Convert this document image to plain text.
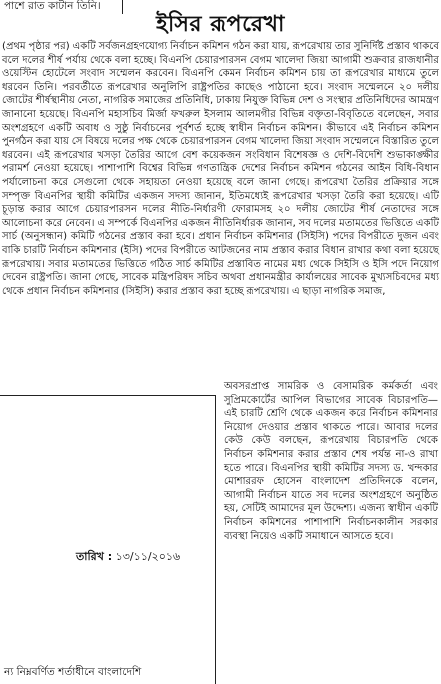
পাশে রাত কাটান তিনি।
ইসির রূপরেখা
(প্রথম পৃষ্ঠার পর) একটি সর্বজনগ্রহণযোগ্য নির্বাচন কমিশন গঠন করা যায়, রূপরেখায় তার সুনির্দিষ্ট প্রস্তাব থাকবে বলে দলের শীর্ষ পর্যায় থেকে বলা হচ্ছে। বিএনপি চেয়ারপারসন বেগম খালেদা জিয়া আগামী শুক্রবার রাজধানীর ওয়েস্টিন হোটেলে সংবাদ সম্মেলন করবেন। বিএনপি কেমন নির্বাচন কমিশন চায় তা রূপরেখার মাধ্যমে তুলে ধরবেন তিনি। পরবর্তীতে রূপরেখার অনুলিপি রাষ্ট্রপতির কাছেও পাঠানো হবে। সংবাদ সম্মেলনে ২০ দলীয় জোটের শীর্ষস্থানীয় নেতা, নাগরিক সমাজের প্রতিনিধি, ঢাকায় নিযুক্ত বিভিন্ন দেশ ও সংস্থার প্রতিনিধিদের আমন্ত্রণ জানানো হয়েছে। বিএনপি মহাসচিব মির্জা ফখরুল ইসলাম আলমগীর বিভিন্ন বক্তৃতা-বিবৃতিতে বলেছেন, সবার অংশগ্রহণে একটি অবাধ ও সুষ্ঠু নির্বাচনের পূর্বশর্ত হচ্ছে স্বাধীন নির্বাচন কমিশন। কীভাবে এই নির্বাচন কমিশন পুনর্গঠন করা যায় সে বিষয়ে দলের পক্ষ থেকে চেয়ারপারসন বেগম খালেদা জিয়া সংবাদ সম্মেলনে বিস্তারিত তুলে ধরবেন। এই রূপরেখার খসড়া তৈরির আগে বেশ কয়েকজন সংবিধান বিশেষজ্ঞ ও দেশি-বিদেশি শুভাকাঙ্ক্ষীর পরামর্শ নেওয়া হয়েছে। পাশাপাশি বিশ্বের বিভিন্ন গণতান্ত্রিক দেশের নির্বাচন কমিশন গঠনের আইন বিধি-বিধান পর্যালোচনা করে সেগুলো থেকে সহায়তা নেওয়া হয়েছে বলে জানা গেছে। রূপরেখা তৈরির প্রক্রিয়ার সঙ্গে সম্পৃক্ত বিএনপির স্থায়ী কমিটির একজন সদস্য জানান, ইতিমধ্যেই রূপরেখার খসড়া তৈরি করা হয়েছে। এটি চূড়ান্ত করার আগে চেয়ারপারসন দলের নীতি-নির্ধারণী ফোরামসহ ২০ দলীয় জোটের শীর্ষ নেতাদের সঙ্গে আলোচনা করে নেবেন। এ সম্পর্কে বিএনপির একজন নীতিনির্ধারক জানান, সব দলের মতামতের ভিত্তিতে একটি সার্চ (অনুসন্ধান) কমিটি গঠনের প্রস্তাব করা হবে। প্রধান নির্বাচন কমিশনার (সিইসি) পদের বিপরীতে দুজন এবং বাকি চারটি নির্বাচন কমিশনার (ইসি) পদের বিপরীতে আটজনের নাম প্রস্তাব করার বিধান রাখার কথা বলা হয়েছে রূপরেখায়। সবার মতামতের ভিত্তিতে গঠিত সার্চ কমিটির প্রস্তাবিত নামের মধ্য থেকে সিইসি ও ইসি পদে নিয়োগ দেবেন রাষ্ট্রপতি। জানা গেছে, সাবেক মন্ত্রিপরিষদ সচিব অথবা প্রধানমন্ত্রীর কার্যালয়ের সাবেক মুখ্যসচিবদের মধ্য থেকে প্রধান নির্বাচন কমিশনার (সিইসি) করার প্রস্তাব করা হচ্ছে রূপরেখায়। এ ছাড়া নাগরিক সমাজ,
অবসরপ্রাপ্ত সামরিক ও বেসামরিক কর্মকর্তা এবং সুপ্রিমকোর্টের আপিল বিভাগের সাবেক বিচারপতি— এই চারটি শ্রেণি থেকে একজন করে নির্বাচন কমিশনার নিয়োগ দেওয়ার প্রস্তাব থাকতে পারে। আবার দলের কেউ কেউ বলছেন, রূপরেখায় বিচারপতি থেকে নির্বাচন কমিশনার করার প্রস্তাব শেষ পর্যন্ত না-ও রাখা হতে পারে। বিএনপির স্থায়ী কমিটির সদস্য ড. খন্দকার মোশাররফ হোসেন বাংলাদেশ প্রতিদিনকে বলেন, আগামী নির্বাচন যাতে সব দলের অংশগ্রহণে অনুষ্ঠিত হয়, সেটিই আমাদের মূল উদ্দেশ্য। এজন্য স্বাধীন একটি নির্বাচন কমিশনের পাশাপাশি নির্বাচনকালীন সরকার ব্যবস্থা নিয়েও একটি সমাধানে আসতে হবে।
তারিখ : ১৩/১১/২০১৬
ন্য নিম্নবর্ণিত শর্তাধীনে বাংলাদেশি
